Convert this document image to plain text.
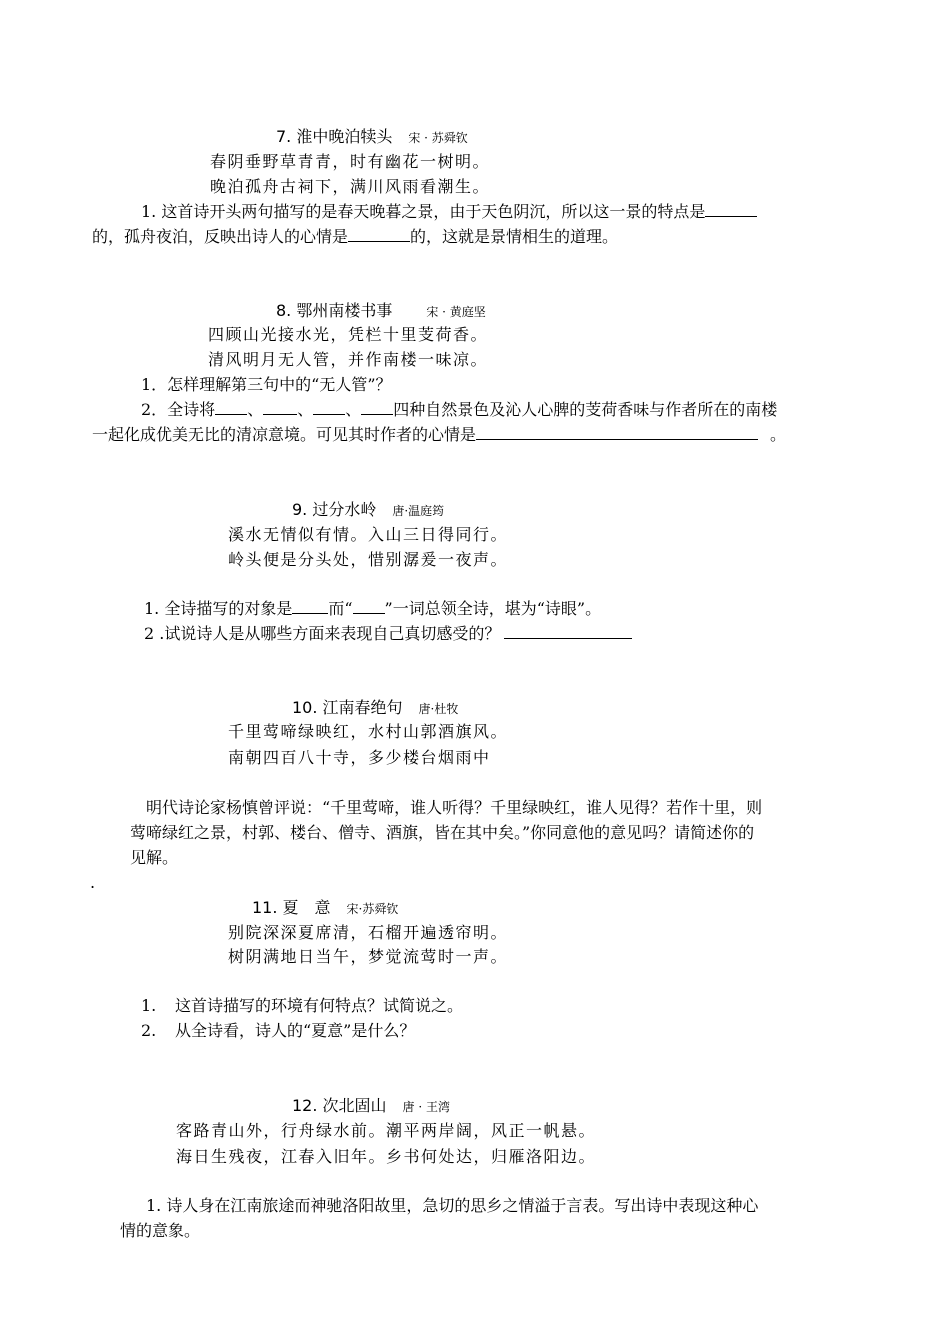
7. 淮中晚泊犊头 宋 · 苏舜钦
春阴垂野草青青，时有幽花一树明。
晚泊孤舟古祠下，满川风雨看潮生。
1. 这首诗开头两句描写的是春天晚暮之景，由于天色阴沉，所以这一景的特点是
的，孤舟夜泊，反映出诗人的心情是	的，这就是景情相生的道理。
8. 鄂州南楼书事	宋 · 黄庭坚
四顾山光接水光，凭栏十里芰荷香。
清风明月无人管，并作南楼一味凉。
1．怎样理解第三句中的“无人管”？
2．全诗将 、 、 、 四种自然景色及沁人心脾的芰荷香味与作者所在的南楼
一起化成优美无比的清凉意境。可见其时作者的心情是	。
9. 过分水岭 唐·温庭筠
溪水无情似有情。入山三日得同行。
岭头便是分头处，惜别潺爰一夜声。
1. 全诗描写的对象是 而“ ”一词总领全诗，堪为“诗眼”。
2 .试说诗人是从哪些方面来表现自己真切感受的？
10. 江南春绝句 唐·杜牧
千里莺啼绿映红，水村山郭酒旗风。
南朝四百八十寺，多少楼台烟雨中
明代诗论家杨慎曾评说：“千里莺啼，谁人听得？千里绿映红，谁人见得？若作十里，则
莺啼绿红之景，村郭、楼台、僧寺、酒旗，皆在其中矣。”你同意他的意见吗？请简述你的
见解。
.
11. 夏　意 宋·苏舜钦
别院深深夏席清，石榴开遍透帘明。
树阴满地日当午，梦觉流莺时一声。
1. 这首诗描写的环境有何特点？试简说之。
2. 从全诗看，诗人的“夏意”是什么？
12. 次北固山 唐 · 王湾
客路青山外，行舟绿水前。潮平两岸阔，风正一帆悬。
海日生残夜，江春入旧年。乡书何处达，归雁洛阳边。
1. 诗人身在江南旅途而神驰洛阳故里，急切的思乡之情溢于言表。写出诗中表现这种心
情的意象。
